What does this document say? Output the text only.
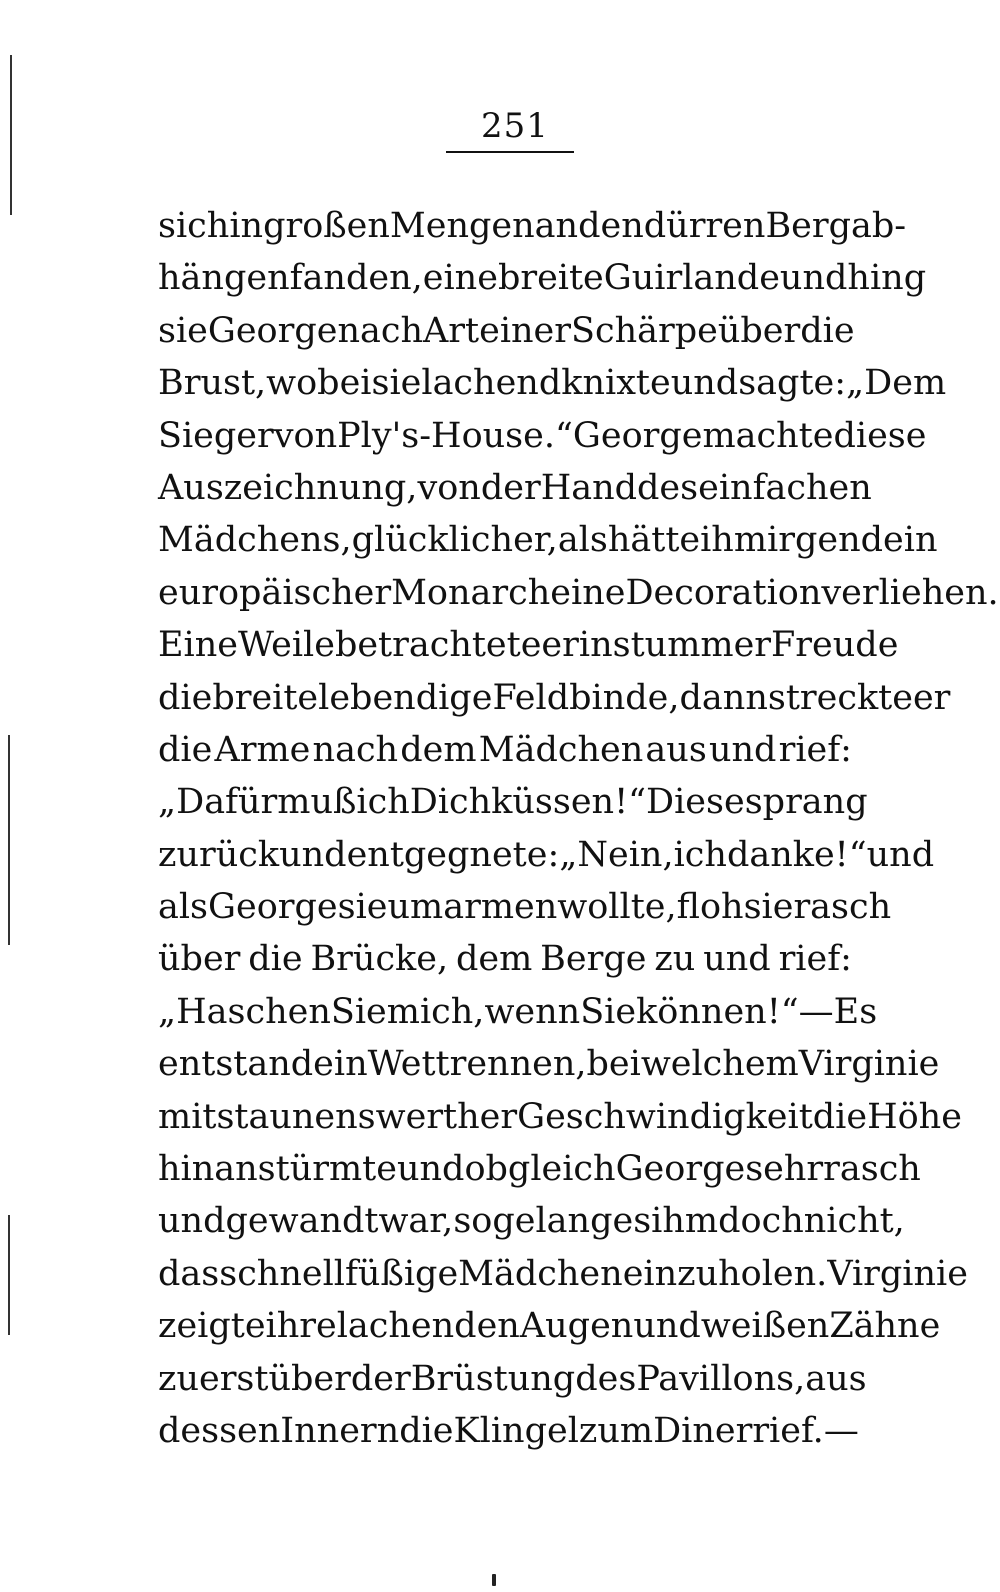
251
sich in großen Mengen an den dürren Bergab-
hängen fanden, eine breite Guirlande und hing
sie George nach Art einer Schärpe über die
Brust, wobei sie lachend knixte und sagte: „Dem
Sieger von Ply's-House.“ George machte diese
Auszeichnung, von der Hand des einfachen
Mädchens, glücklicher, als hätte ihm irgend ein
europäischer Monarch eine Decoration verliehen.
Eine Weile betrachtete er in stummer Freude
die breite lebendige Feldbinde, dann streckte er
die Arme nach dem Mädchen aus und rief:
„Dafür muß ich Dich küssen!“ Diese sprang
zurück und entgegnete: „Nein, ich danke!“ und
als George sie umarmen wollte, floh sie rasch
über die Brücke, dem Berge zu und rief:
„Haschen Sie mich, wenn Sie können!“ — Es
entstand ein Wettrennen, bei welchem Virginie
mit staunenswerther Geschwindigkeit die Höhe
hinanstürmte und obgleich George sehr rasch
und gewandt war, so gelang es ihm doch nicht,
das schnellfüßige Mädchen einzuholen. Virginie
zeigte ihre lachenden Augen und weißen Zähne
zuerst über der Brüstung des Pavillons, aus
dessen Innern die Klingel zum Diner rief. —
